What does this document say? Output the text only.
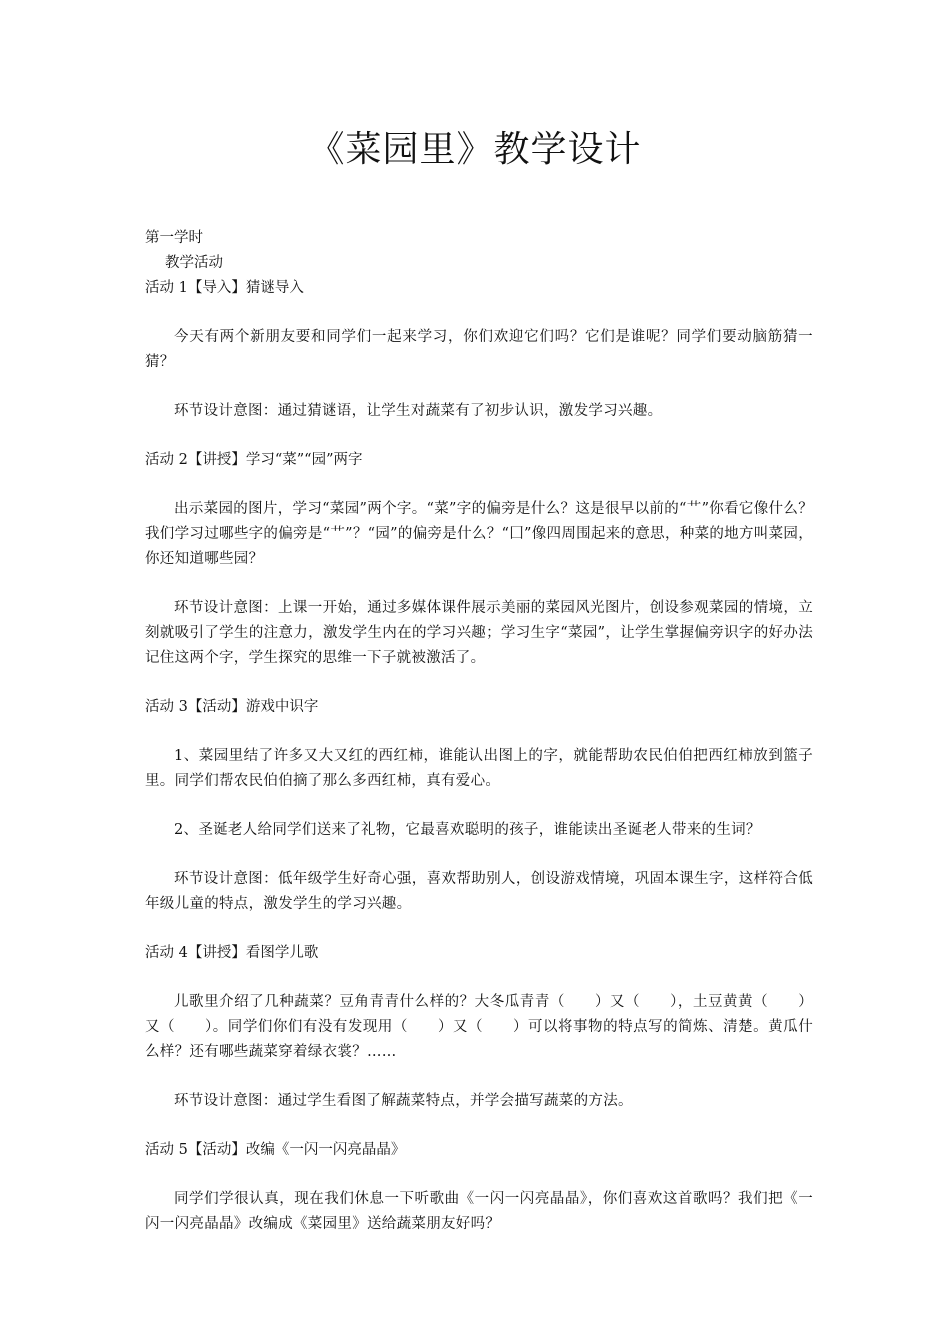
《菜园里》教学设计
第一学时
教学活动
活动 1【导入】猜谜导入

今天有两个新朋友要和同学们一起来学习，你们欢迎它们吗？它们是谁呢？同学们要动脑筋猜一猜？

环节设计意图：通过猜谜语，让学生对蔬菜有了初步认识，激发学习兴趣。

活动 2【讲授】学习“菜”“园”两字

出示菜园的图片，学习“菜园”两个字。“菜”字的偏旁是什么？这是很早以前的“艹”你看它像什么？我们学习过哪些字的偏旁是“艹”？“园”的偏旁是什么？“囗”像四周围起来的意思，种菜的地方叫菜园，你还知道哪些园？

环节设计意图：上课一开始，通过多媒体课件展示美丽的菜园风光图片，创设参观菜园的情境，立刻就吸引了学生的注意力，激发学生内在的学习兴趣；学习生字“菜园”，让学生掌握偏旁识字的好办法记住这两个字，学生探究的思维一下子就被激活了。

活动 3【活动】游戏中识字

1、菜园里结了许多又大又红的西红柿，谁能认出图上的字，就能帮助农民伯伯把西红柿放到篮子里。同学们帮农民伯伯摘了那么多西红柿，真有爱心。

2、圣诞老人给同学们送来了礼物，它最喜欢聪明的孩子，谁能读出圣诞老人带来的生词？

环节设计意图：低年级学生好奇心强，喜欢帮助别人，创设游戏情境，巩固本课生字，这样符合低年级儿童的特点，激发学生的学习兴趣。

活动 4【讲授】看图学儿歌

儿歌里介绍了几种蔬菜？豆角青青什么样的？大冬瓜青青（　　）又（　　），土豆黄黄（　　）又（　　）。同学们你们有没有发现用（　　）又（　　）可以将事物的特点写的简炼、清楚。黄瓜什么样？还有哪些蔬菜穿着绿衣裳？……

环节设计意图：通过学生看图了解蔬菜特点，并学会描写蔬菜的方法。

活动 5【活动】改编《一闪一闪亮晶晶》

同学们学很认真，现在我们休息一下听歌曲《一闪一闪亮晶晶》，你们喜欢这首歌吗？我们把《一闪一闪亮晶晶》改编成《菜园里》送给蔬菜朋友好吗？
